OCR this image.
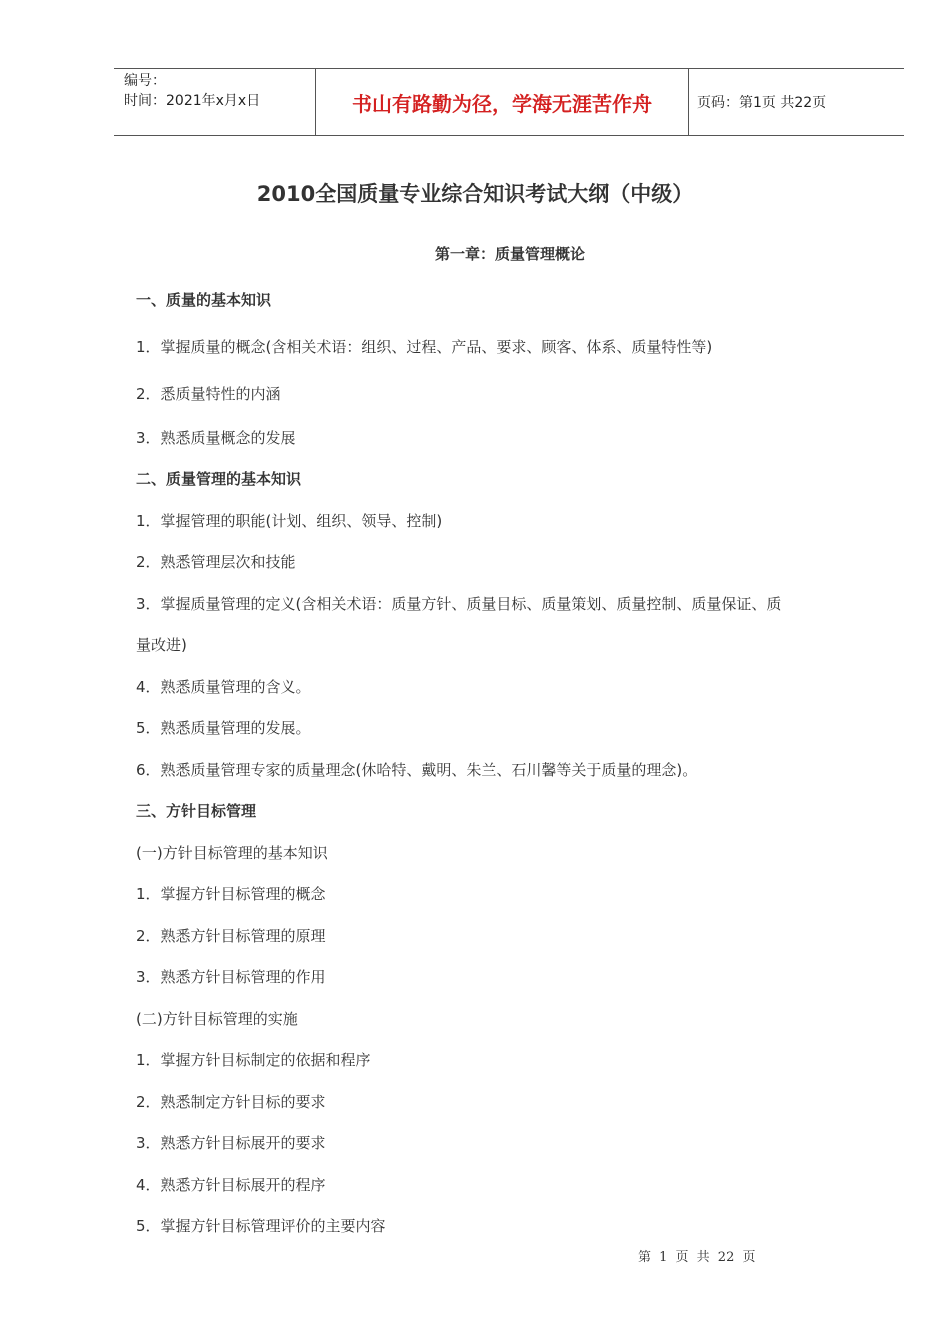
编号：
时间：2021年x月x日	书山有路勤为径，学海无涯苦作舟	页码：第1页 共22页
2010全国质量专业综合知识考试大纲（中级）
第一章：质量管理概论
一、质量的基本知识
1．掌握质量的概念(含相关术语：组织、过程、产品、要求、顾客、体系、质量特性等)
2．悉质量特性的内涵
3．熟悉质量概念的发展
二、质量管理的基本知识
1．掌握管理的职能(计划、组织、领导、控制)
2．熟悉管理层次和技能
3．掌握质量管理的定义(含相关术语：质量方针、质量目标、质量策划、质量控制、质量保证、质
量改进)
4．熟悉质量管理的含义。
5．熟悉质量管理的发展。
6．熟悉质量管理专家的质量理念(休哈特、戴明、朱兰、石川馨等关于质量的理念)。
三、方针目标管理
(一)方针目标管理的基本知识
1．掌握方针目标管理的概念
2．熟悉方针目标管理的原理
3．熟悉方针目标管理的作用
(二)方针目标管理的实施
1．掌握方针目标制定的依据和程序
2．熟悉制定方针目标的要求
3．熟悉方针目标展开的要求
4．熟悉方针目标展开的程序
5．掌握方针目标管理评价的主要内容
第 1 页 共 22 页
